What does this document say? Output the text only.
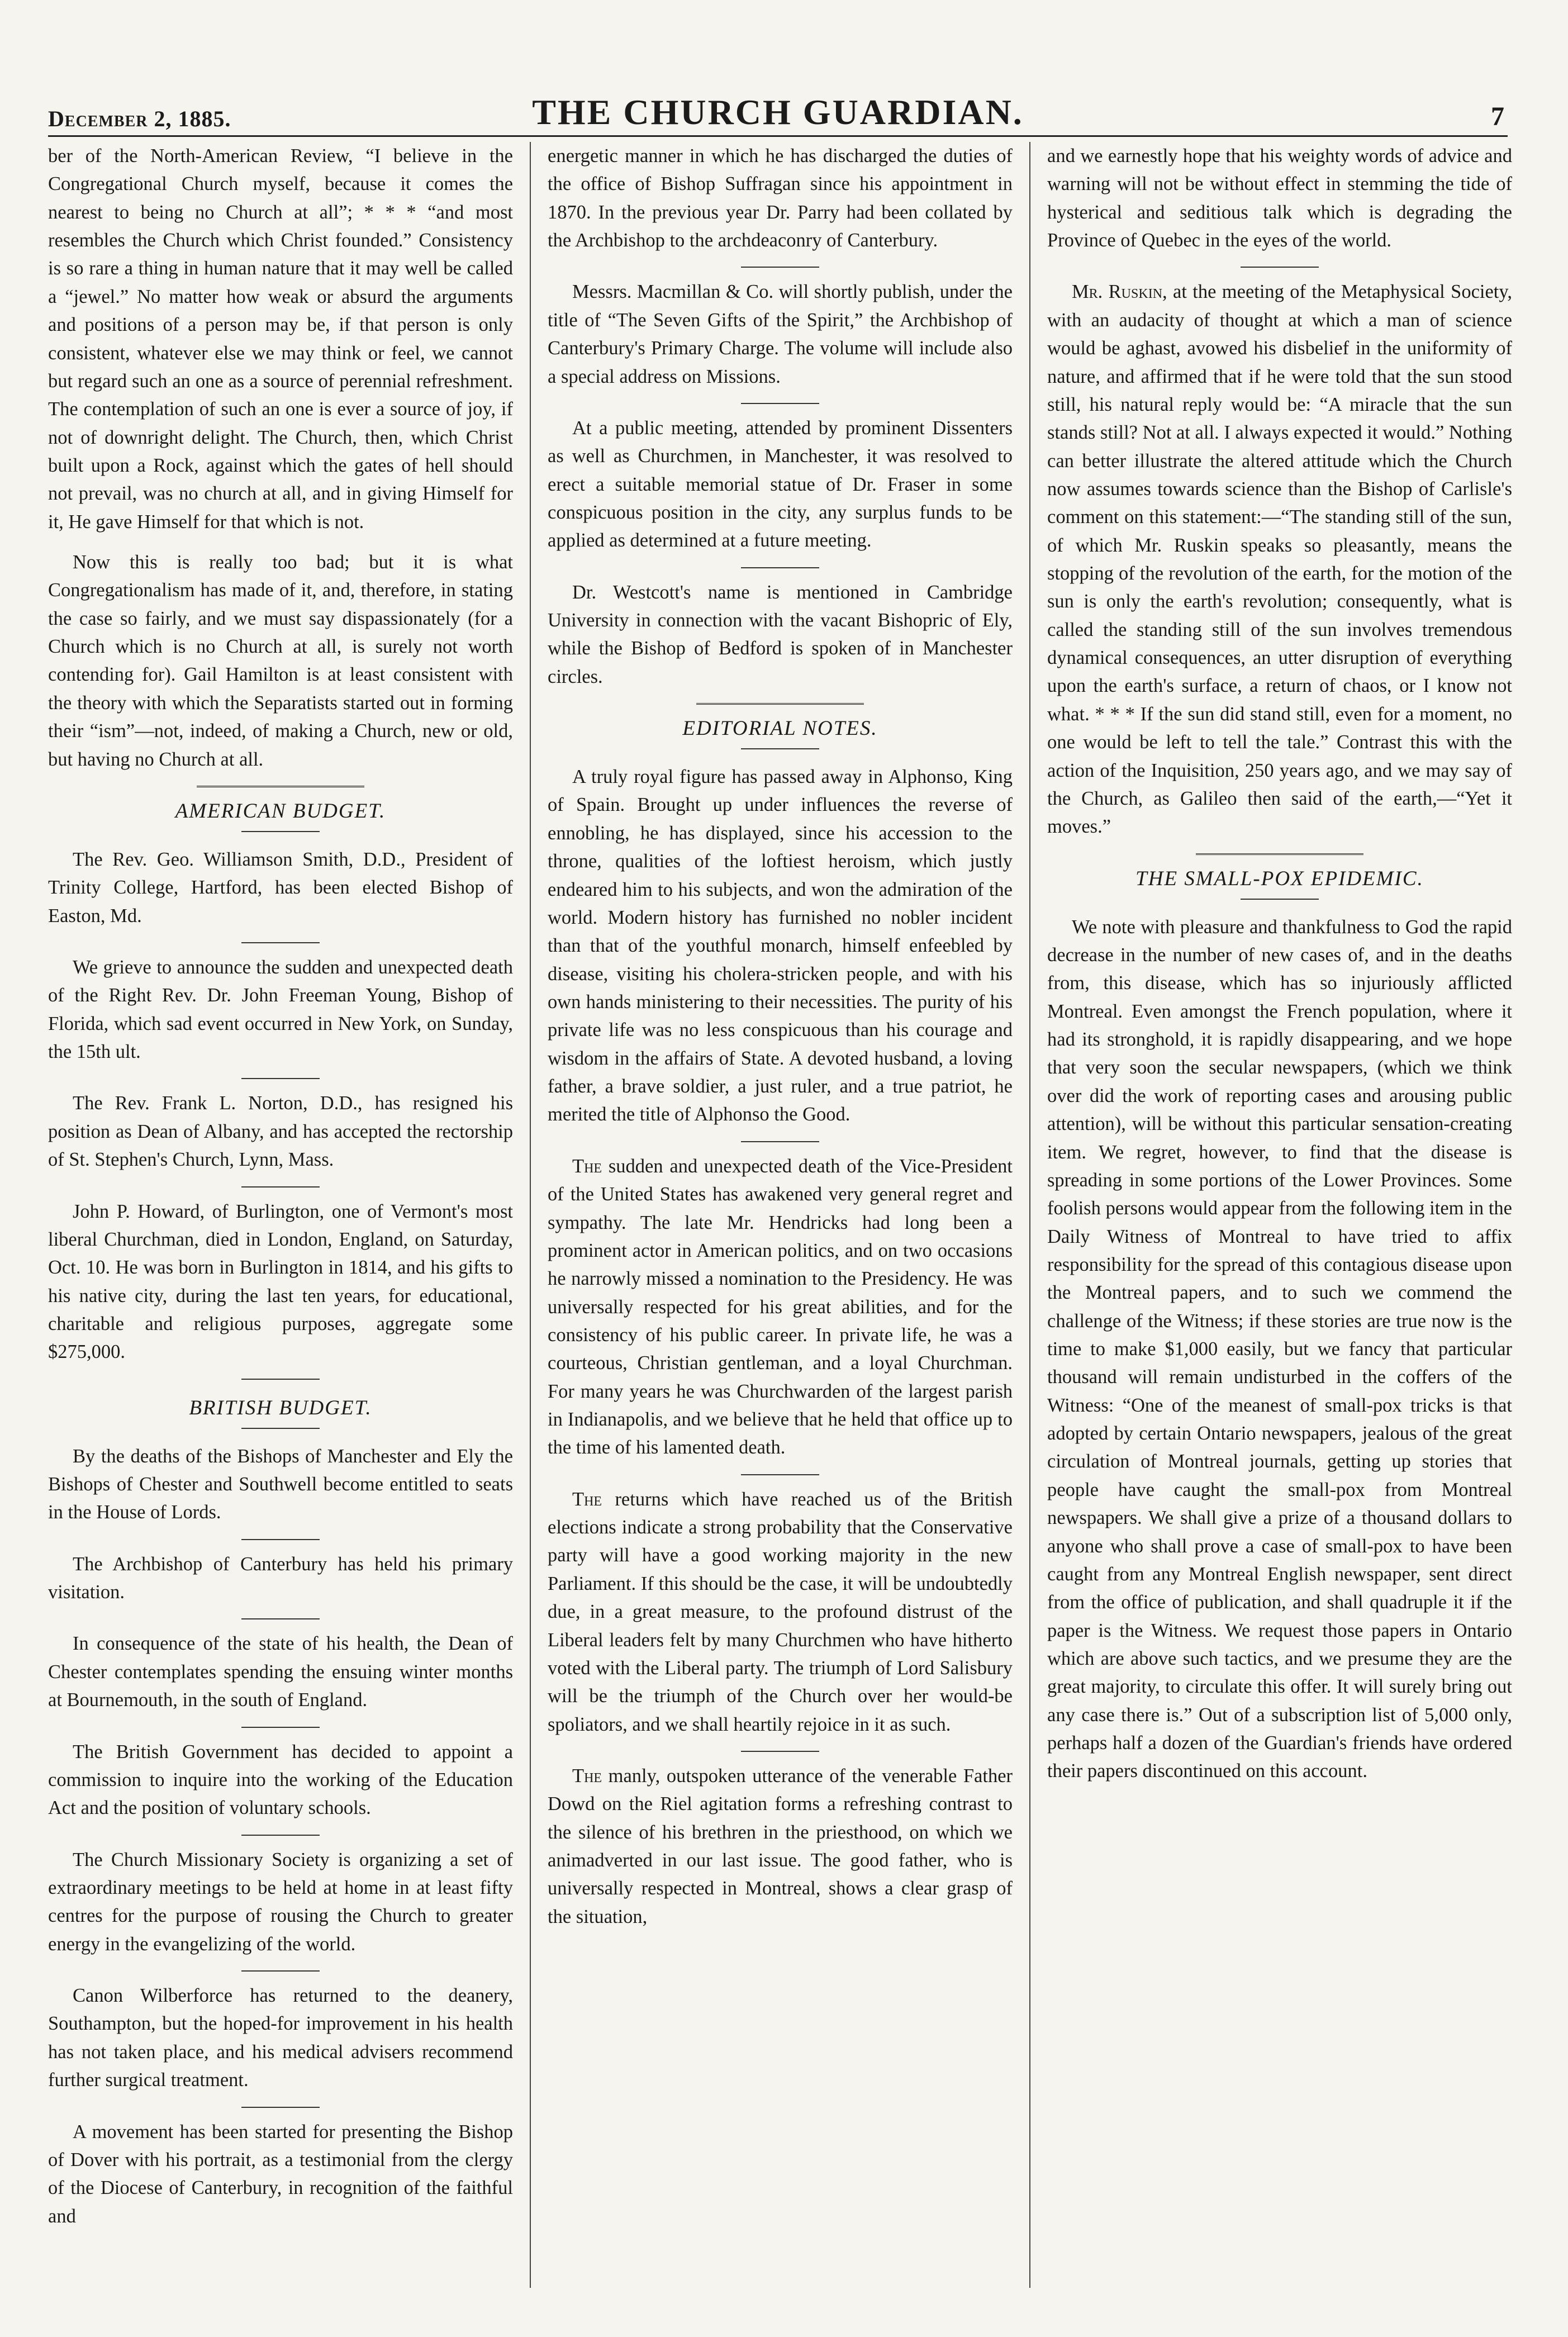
December 2, 1885.	THE CHURCH GUARDIAN.	7

ber of the North-American Review, “I believe in the Congregational Church myself, because it comes the nearest to being no Church at all”; * * * “and most resembles the Church which Christ founded.” Consistency is so rare a thing in human nature that it may well be called a “jewel.” No matter how weak or absurd the arguments and positions of a person may be, if that person is only consistent, whatever else we may think or feel, we cannot but regard such an one as a source of perennial refreshment. The contemplation of such an one is ever a source of joy, if not of downright delight. The Church, then, which Christ built upon a Rock, against which the gates of hell should not prevail, was no church at all, and in giving Himself for it, He gave Himself for that which is not.

Now this is really too bad; but it is what Congregationalism has made of it, and, therefore, in stating the case so fairly, and we must say dispassionately (for a Church which is no Church at all, is surely not worth contending for). Gail Hamilton is at least consistent with the theory with which the Separatists started out in forming their “ism”—not, indeed, of making a Church, new or old, but having no Church at all.

AMERICAN BUDGET.

The Rev. Geo. Williamson Smith, D.D., President of Trinity College, Hartford, has been elected Bishop of Easton, Md.

We grieve to announce the sudden and unexpected death of the Right Rev. Dr. John Freeman Young, Bishop of Florida, which sad event occurred in New York, on Sunday, the 15th ult.

The Rev. Frank L. Norton, D.D., has resigned his position as Dean of Albany, and has accepted the rectorship of St. Stephen's Church, Lynn, Mass.

John P. Howard, of Burlington, one of Vermont's most liberal Churchman, died in London, England, on Saturday, Oct. 10. He was born in Burlington in 1814, and his gifts to his native city, during the last ten years, for educational, charitable and religious purposes, aggregate some $275,000.

BRITISH BUDGET.

By the deaths of the Bishops of Manchester and Ely the Bishops of Chester and Southwell become entitled to seats in the House of Lords.

The Archbishop of Canterbury has held his primary visitation.

In consequence of the state of his health, the Dean of Chester contemplates spending the ensuing winter months at Bournemouth, in the south of England.

The British Government has decided to appoint a commission to inquire into the working of the Education Act and the position of voluntary schools.

The Church Missionary Society is organizing a set of extraordinary meetings to be held at home in at least fifty centres for the purpose of rousing the Church to greater energy in the evangelizing of the world.

Canon Wilberforce has returned to the deanery, Southampton, but the hoped-for improvement in his health has not taken place, and his medical advisers recommend further surgical treatment.

A movement has been started for presenting the Bishop of Dover with his portrait, as a testimonial from the clergy of the Diocese of Canterbury, in recognition of the faithful and

energetic manner in which he has discharged the duties of the office of Bishop Suffragan since his appointment in 1870. In the previous year Dr. Parry had been collated by the Archbishop to the archdeaconry of Canterbury.

Messrs. Macmillan & Co. will shortly publish, under the title of “The Seven Gifts of the Spirit,” the Archbishop of Canterbury's Primary Charge. The volume will include also a special address on Missions.

At a public meeting, attended by prominent Dissenters as well as Churchmen, in Manchester, it was resolved to erect a suitable memorial statue of Dr. Fraser in some conspicuous position in the city, any surplus funds to be applied as determined at a future meeting.

Dr. Westcott's name is mentioned in Cambridge University in connection with the vacant Bishopric of Ely, while the Bishop of Bedford is spoken of in Manchester circles.

EDITORIAL NOTES.

A truly royal figure has passed away in Alphonso, King of Spain. Brought up under influences the reverse of ennobling, he has displayed, since his accession to the throne, qualities of the loftiest heroism, which justly endeared him to his subjects, and won the admiration of the world. Modern history has furnished no nobler incident than that of the youthful monarch, himself enfeebled by disease, visiting his cholera-stricken people, and with his own hands ministering to their necessities. The purity of his private life was no less conspicuous than his courage and wisdom in the affairs of State. A devoted husband, a loving father, a brave soldier, a just ruler, and a true patriot, he merited the title of Alphonso the Good.

The sudden and unexpected death of the Vice-President of the United States has awakened very general regret and sympathy. The late Mr. Hendricks had long been a prominent actor in American politics, and on two occasions he narrowly missed a nomination to the Presidency. He was universally respected for his great abilities, and for the consistency of his public career. In private life, he was a courteous, Christian gentleman, and a loyal Churchman. For many years he was Churchwarden of the largest parish in Indianapolis, and we believe that he held that office up to the time of his lamented death.

The returns which have reached us of the British elections indicate a strong probability that the Conservative party will have a good working majority in the new Parliament. If this should be the case, it will be undoubtedly due, in a great measure, to the profound distrust of the Liberal leaders felt by many Churchmen who have hitherto voted with the Liberal party. The triumph of Lord Salisbury will be the triumph of the Church over her would-be spoliators, and we shall heartily rejoice in it as such.

The manly, outspoken utterance of the venerable Father Dowd on the Riel agitation forms a refreshing contrast to the silence of his brethren in the priesthood, on which we animadverted in our last issue. The good father, who is universally respected in Montreal, shows a clear grasp of the situation,

and we earnestly hope that his weighty words of advice and warning will not be without effect in stemming the tide of hysterical and seditious talk which is degrading the Province of Quebec in the eyes of the world.

Mr. Ruskin, at the meeting of the Metaphysical Society, with an audacity of thought at which a man of science would be aghast, avowed his disbelief in the uniformity of nature, and affirmed that if he were told that the sun stood still, his natural reply would be: “A miracle that the sun stands still? Not at all. I always expected it would.” Nothing can better illustrate the altered attitude which the Church now assumes towards science than the Bishop of Carlisle's comment on this statement:—“The standing still of the sun, of which Mr. Ruskin speaks so pleasantly, means the stopping of the revolution of the earth, for the motion of the sun is only the earth's revolution; consequently, what is called the standing still of the sun involves tremendous dynamical consequences, an utter disruption of everything upon the earth's surface, a return of chaos, or I know not what. * * * If the sun did stand still, even for a moment, no one would be left to tell the tale.” Contrast this with the action of the Inquisition, 250 years ago, and we may say of the Church, as Galileo then said of the earth,—“Yet it moves.”

THE SMALL-POX EPIDEMIC.

We note with pleasure and thankfulness to God the rapid decrease in the number of new cases of, and in the deaths from, this disease, which has so injuriously afflicted Montreal. Even amongst the French population, where it had its stronghold, it is rapidly disappearing, and we hope that very soon the secular newspapers, (which we think over did the work of reporting cases and arousing public attention), will be without this particular sensation-creating item. We regret, however, to find that the disease is spreading in some portions of the Lower Provinces. Some foolish persons would appear from the following item in the Daily Witness of Montreal to have tried to affix responsibility for the spread of this contagious disease upon the Montreal papers, and to such we commend the challenge of the Witness; if these stories are true now is the time to make $1,000 easily, but we fancy that particular thousand will remain undisturbed in the coffers of the Witness: “One of the meanest of small-pox tricks is that adopted by certain Ontario newspapers, jealous of the great circulation of Montreal journals, getting up stories that people have caught the small-pox from Montreal newspapers. We shall give a prize of a thousand dollars to anyone who shall prove a case of small-pox to have been caught from any Montreal English newspaper, sent direct from the office of publication, and shall quadruple it if the paper is the Witness. We request those papers in Ontario which are above such tactics, and we presume they are the great majority, to circulate this offer. It will surely bring out any case there is.” Out of a subscription list of 5,000 only, perhaps half a dozen of the Guardian's friends have ordered their papers discontinued on this account.
